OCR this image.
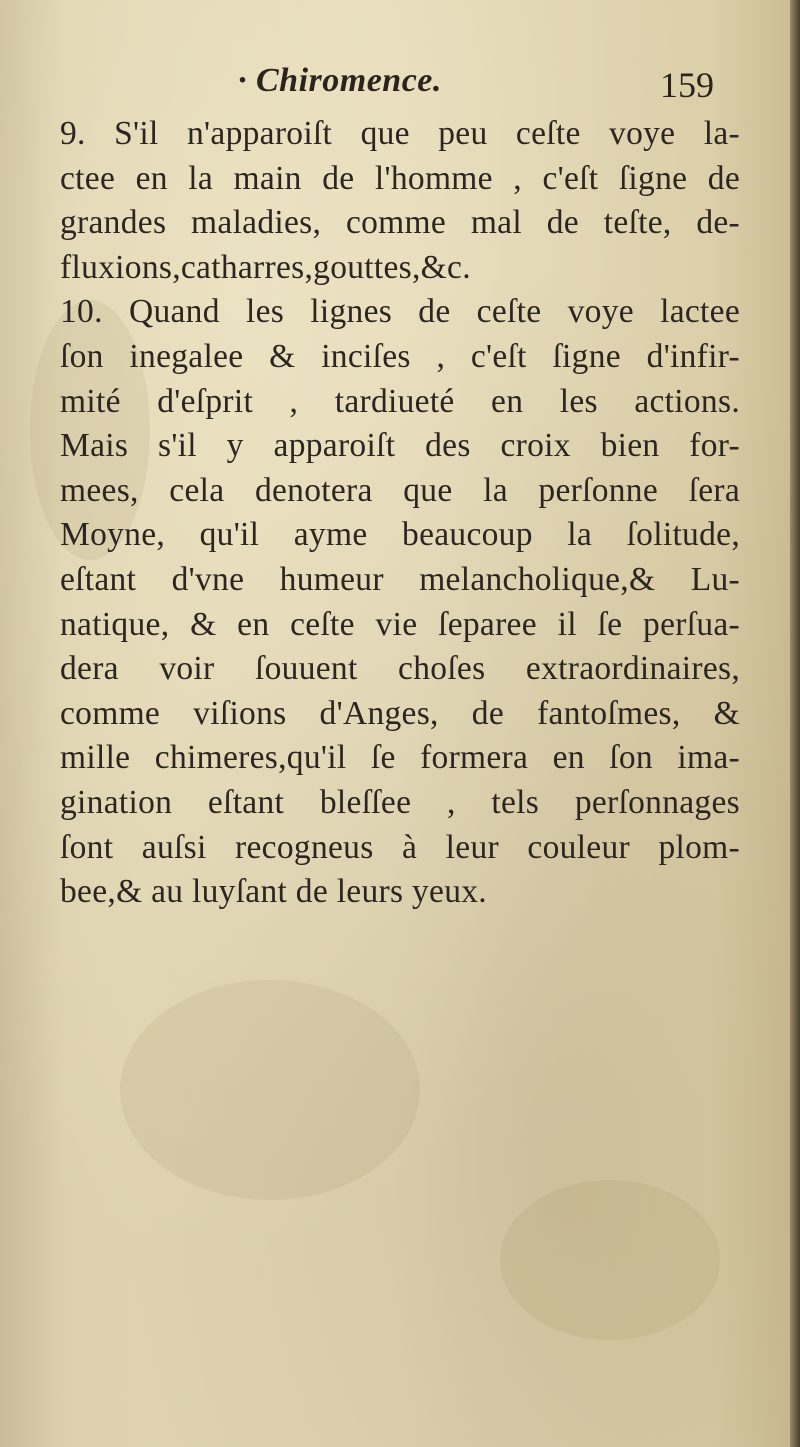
· Chiromence.	159
9. S'il n'apparoiſt que peu ceſte voye la-
ctee en la main de l'homme , c'eſt ſigne de
grandes maladies, comme mal de teſte, de-
fluxions,catharres,gouttes,&c.
10. Quand les lignes de ceſte voye lactee
ſon inegalee & inciſes , c'eſt ſigne d'infir-
mité d'eſprit , tardiueté en les actions.
Mais s'il y apparoiſt des croix bien for-
mees, cela denotera que la perſonne ſera
Moyne, qu'il ayme beaucoup la ſolitude,
eſtant d'vne humeur melancholique,& Lu-
natique, & en ceſte vie ſeparee il ſe perſua-
dera voir ſouuent choſes extraordinaires,
comme viſions d'Anges, de fantoſmes, &
mille chimeres,qu'il ſe formera en ſon ima-
gination eſtant bleſſee , tels perſonnages
ſont auſsi recogneus à leur couleur plom-
bee,& au luyſant de leurs yeux.
